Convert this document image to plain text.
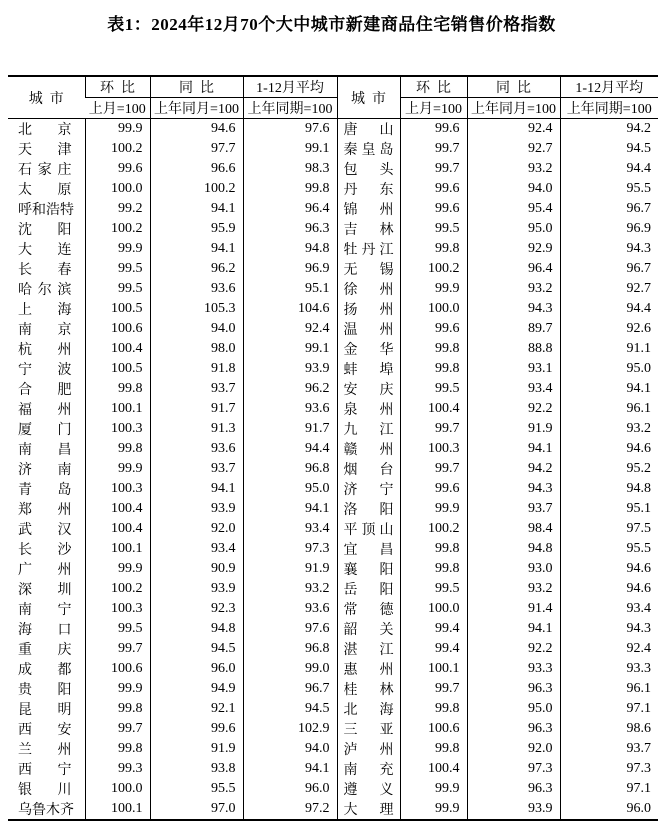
表1：2024年12月70个大中城市新建商品住宅销售价格指数
城市	环比	同比	1-12月平均	城市	环比	同比	1-12月平均
	上月=100	上年同月=100	上年同期=100		上月=100	上年同月=100	上年同期=100
北京	99.9	94.6	97.6	唐山	99.6	92.4	94.2
天津	100.2	97.7	99.1	秦皇岛	99.7	92.7	94.5
石家庄	99.6	96.6	98.3	包头	99.7	93.2	94.4
太原	100.0	100.2	99.8	丹东	99.6	94.0	95.5
呼和浩特	99.2	94.1	96.4	锦州	99.6	95.4	96.7
沈阳	100.2	95.9	96.3	吉林	99.5	95.0	96.9
大连	99.9	94.1	94.8	牡丹江	99.8	92.9	94.3
长春	99.5	96.2	96.9	无锡	100.2	96.4	96.7
哈尔滨	99.5	93.6	95.1	徐州	99.9	93.2	92.7
上海	100.5	105.3	104.6	扬州	100.0	94.3	94.4
南京	100.6	94.0	92.4	温州	99.6	89.7	92.6
杭州	100.4	98.0	99.1	金华	99.8	88.8	91.1
宁波	100.5	91.8	93.9	蚌埠	99.8	93.1	95.0
合肥	99.8	93.7	96.2	安庆	99.5	93.4	94.1
福州	100.1	91.7	93.6	泉州	100.4	92.2	96.1
厦门	100.3	91.3	91.7	九江	99.7	91.9	93.2
南昌	99.8	93.6	94.4	赣州	100.3	94.1	94.6
济南	99.9	93.7	96.8	烟台	99.7	94.2	95.2
青岛	100.3	94.1	95.0	济宁	99.6	94.3	94.8
郑州	100.4	93.9	94.1	洛阳	99.9	93.7	95.1
武汉	100.4	92.0	93.4	平顶山	100.2	98.4	97.5
长沙	100.1	93.4	97.3	宜昌	99.8	94.8	95.5
广州	99.9	90.9	91.9	襄阳	99.8	93.0	94.6
深圳	100.2	93.9	93.2	岳阳	99.5	93.2	94.6
南宁	100.3	92.3	93.6	常德	100.0	91.4	93.4
海口	99.5	94.8	97.6	韶关	99.4	94.1	94.3
重庆	99.7	94.5	96.8	湛江	99.4	92.2	92.4
成都	100.6	96.0	99.0	惠州	100.1	93.3	93.3
贵阳	99.9	94.9	96.7	桂林	99.7	96.3	96.1
昆明	99.8	92.1	94.5	北海	99.8	95.0	97.1
西安	99.7	99.6	102.9	三亚	100.6	96.3	98.6
兰州	99.8	91.9	94.0	泸州	99.8	92.0	93.7
西宁	99.3	93.8	94.1	南充	100.4	97.3	97.3
银川	100.0	95.5	96.0	遵义	99.9	96.3	97.1
乌鲁木齐	100.1	97.0	97.2	大理	99.9	93.9	96.0
